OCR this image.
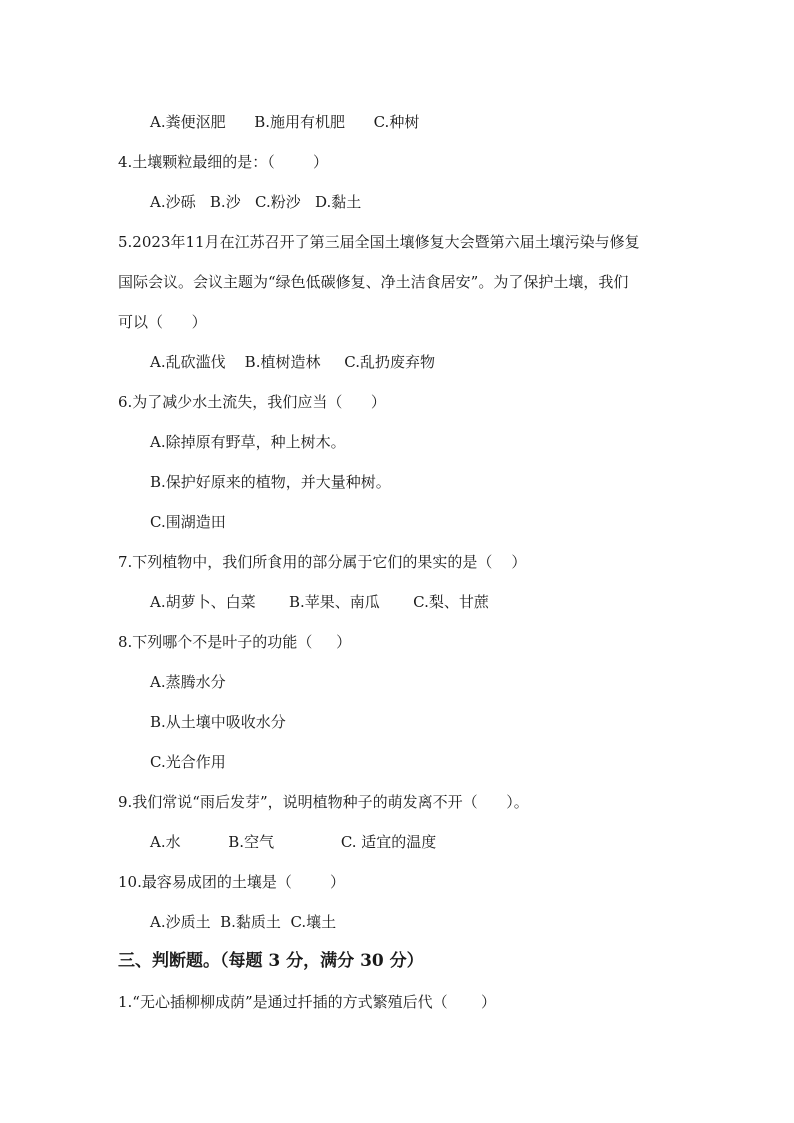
A.粪便沤肥      B.施用有机肥      C.种树
4.土壤颗粒最细的是：（        ）
A.沙砾   B.沙   C.粉沙   D.黏土
5.2023年11月在江苏召开了第三届全国土壤修复大会暨第六届土壤污染与修复
国际会议。会议主题为“绿色低碳修复、净土洁食居安”。为了保护土壤，我们
可以（      ）
A.乱砍滥伐    B.植树造林     C.乱扔废弃物
6.为了减少水土流失，我们应当（      ）
A.除掉原有野草，种上树木。
B.保护好原来的植物，并大量种树。
C.围湖造田
7.下列植物中，我们所食用的部分属于它们的果实的是（    ）
A.胡萝卜、白菜       B.苹果、南瓜       C.梨、甘蔗
8.下列哪个不是叶子的功能（     ）
A.蒸腾水分
B.从土壤中吸收水分
C.光合作用
9.我们常说“雨后发芽”，说明植物种子的萌发离不开（      ）。
A.水          B.空气              C. 适宜的温度
10.最容易成团的土壤是（        ）
A.沙质土  B.黏质土  C.壤土
三、判断题。（每题 3 分，满分 30 分）
1.“无心插柳柳成荫”是通过扦插的方式繁殖后代（       ）
